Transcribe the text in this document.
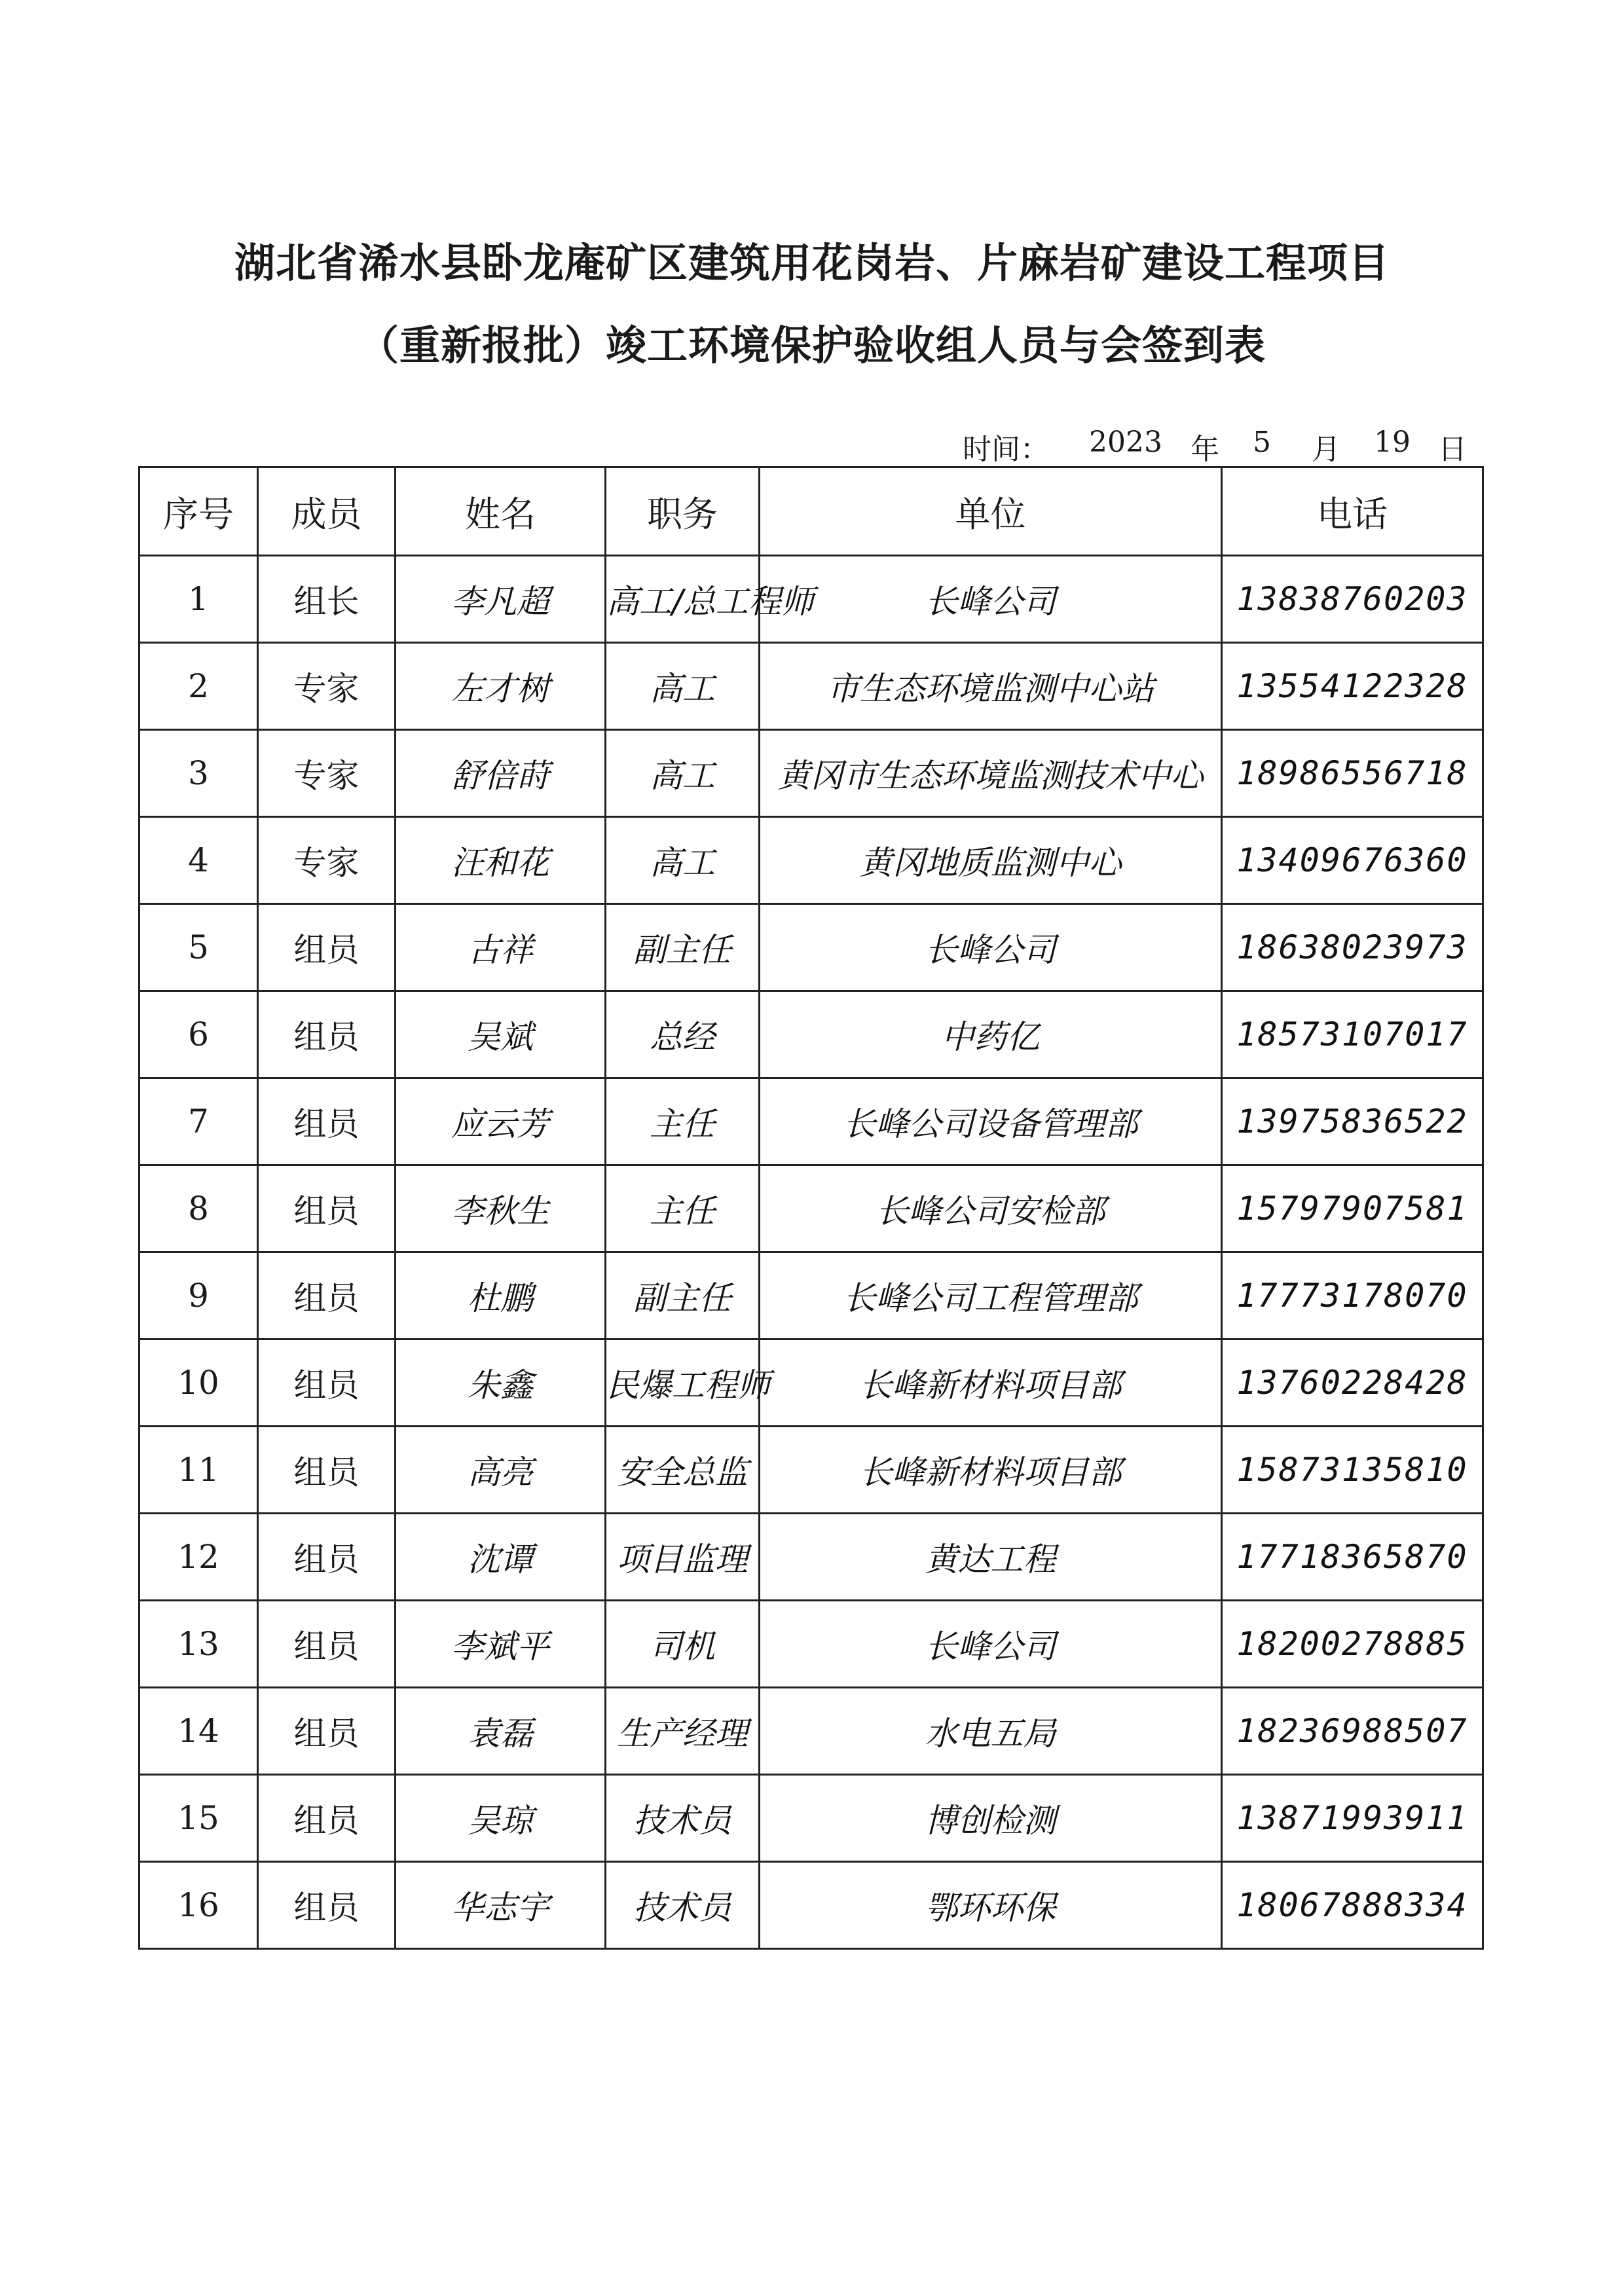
湖北省浠水县卧龙庵矿区建筑用花岗岩、片麻岩矿建设工程项目
（重新报批）竣工环境保护验收组人员与会签到表
时间： 2023 年 5 月 19 日
序号	成员	姓名	职务	单位	电话
1	组长	李凡超	高工/总工程师	长峰公司	13838760203
2	专家	左才树	高工	市生态环境监测中心站	13554122328
3	专家	舒倍莳	高工	黄冈市生态环境监测技术中心	18986556718
4	专家	汪和花	高工	黄冈地质监测中心	13409676360
5	组员	古祥	副主任	长峰公司	18638023973
6	组员	吴斌	总经	中药亿	18573107017
7	组员	应云芳	主任	长峰公司设备管理部	13975836522
8	组员	李秋生	主任	长峰公司安检部	15797907581
9	组员	杜鹏	副主任	长峰公司工程管理部	17773178070
10	组员	朱鑫	民爆工程师	长峰新材料项目部	13760228428
11	组员	高亮	安全总监	长峰新材料项目部	15873135810
12	组员	沈谭	项目监理	黄达工程	17718365870
13	组员	李斌平	司机	长峰公司	18200278885
14	组员	袁磊	生产经理	水电五局	18236988507
15	组员	吴琼	技术员	博创检测	13871993911
16	组员	华志宇	技术员	鄂环环保	18067888334
